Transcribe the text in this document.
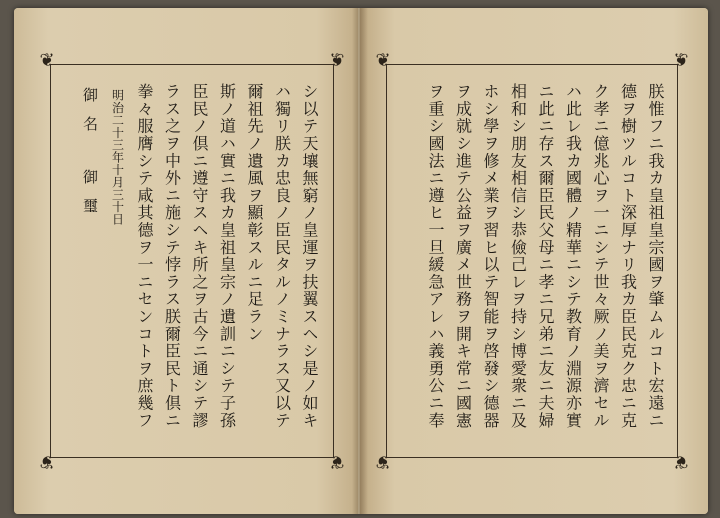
❦	❦
❦	❦
シ以テ天壤無窮ノ皇運ヲ扶翼スヘシ是ノ如キ
ハ獨リ朕カ忠良ノ臣民タルノミナラス又以テ
爾祖先ノ遺風ヲ顯彰スルニ足ラン
斯ノ道ハ實ニ我カ皇祖皇宗ノ遺訓ニシテ子孫
臣民ノ倶ニ遵守スヘキ所之ヲ古今ニ通シテ謬
ラス之ヲ中外ニ施シテ悖ラス朕爾臣民ト倶ニ
拳々服膺シテ咸其德ヲ一ニセンコトヲ庶幾フ
明治二十三年十月三十日
御名御璽
❦	❦
❦	❦
朕惟フニ我カ皇祖皇宗國ヲ肇ムルコト宏遠ニ
德ヲ樹ツルコト深厚ナリ我カ臣民克ク忠ニ克
ク孝ニ億兆心ヲ一ニシテ世々厥ノ美ヲ濟セル
ハ此レ我カ國體ノ精華ニシテ教育ノ淵源亦實
ニ此ニ存ス爾臣民父母ニ孝ニ兄弟ニ友ニ夫婦
相和シ朋友相信シ恭儉己レヲ持シ博愛衆ニ及
ホシ學ヲ修メ業ヲ習ヒ以テ智能ヲ啓發シ德器
ヲ成就シ進テ公益ヲ廣メ世務ヲ開キ常ニ國憲
ヲ重シ國法ニ遵ヒ一旦緩急アレハ義勇公ニ奉
